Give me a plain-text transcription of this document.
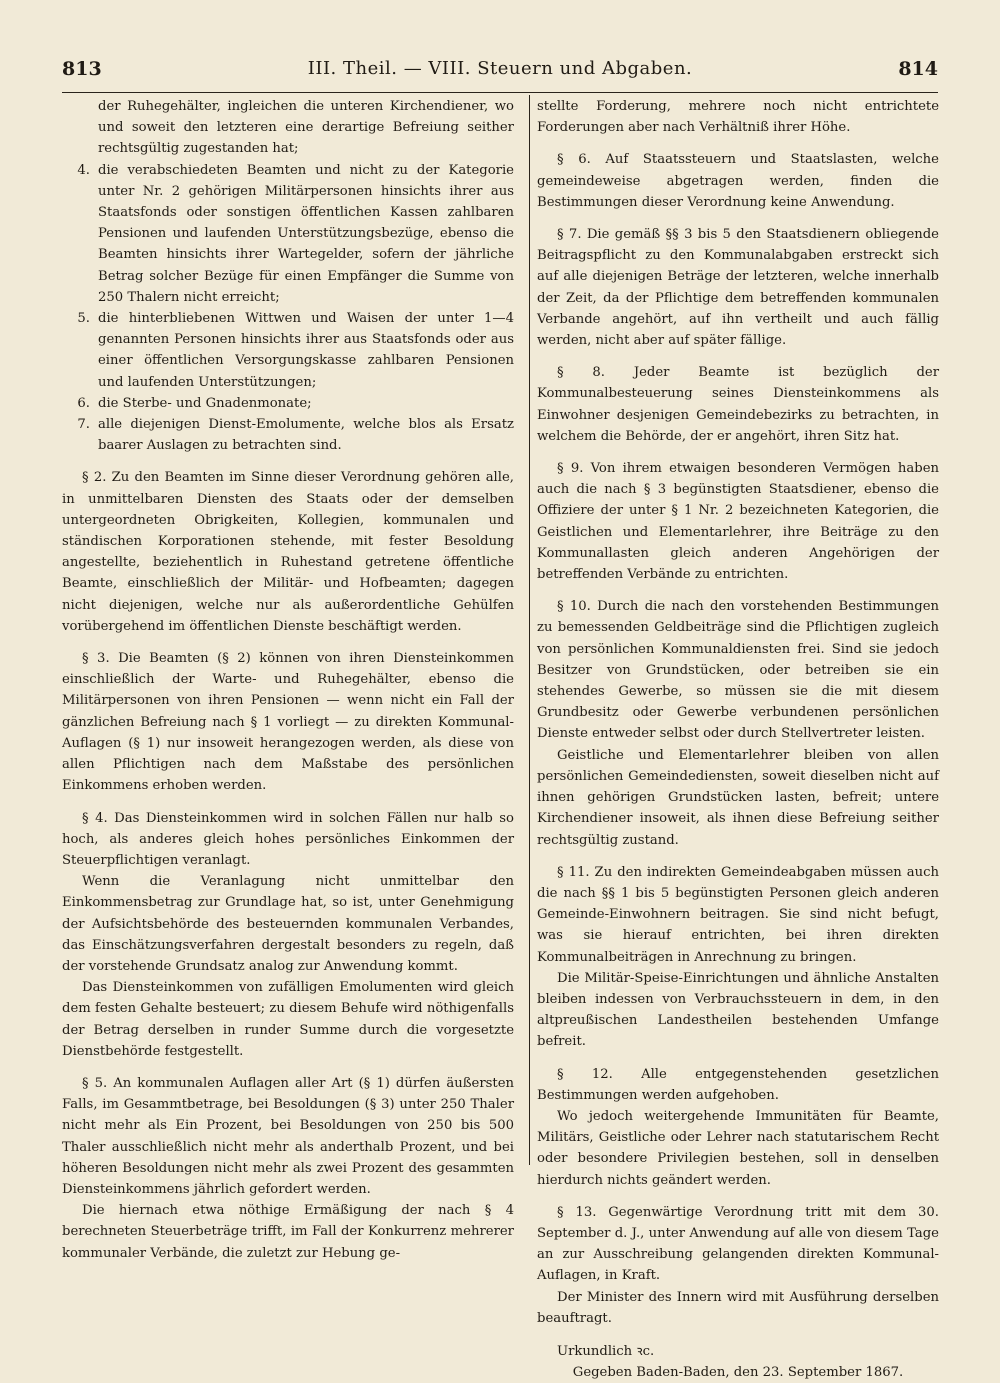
813	III. Theil. — VIII. Steuern und Abgaben.	814
der Ruhegehälter, ingleichen die unteren Kirchendiener, wo und soweit den letzteren eine derartige Befreiung seither rechtsgültig zugestanden hat;
4. die verabschiedeten Beamten und nicht zu der Kategorie unter Nr. 2 gehörigen Militärpersonen hinsichts ihrer aus Staatsfonds oder sonstigen öffentlichen Kassen zahlbaren Pensionen und laufenden Unterstützungsbezüge, ebenso die Beamten hinsichts ihrer Wartegelder, sofern der jährliche Betrag solcher Bezüge für einen Empfänger die Summe von 250 Thalern nicht erreicht;
5. die hinterbliebenen Wittwen und Waisen der unter 1—4 genannten Personen hinsichts ihrer aus Staatsfonds oder aus einer öffentlichen Versorgungskasse zahlbaren Pensionen und laufenden Unterstützungen;
6. die Sterbe- und Gnadenmonate;
7. alle diejenigen Dienst-Emolumente, welche blos als Ersatz baarer Auslagen zu betrachten sind.

§ 2. Zu den Beamten im Sinne dieser Verordnung gehören alle, in unmittelbaren Diensten des Staats oder der demselben untergeordneten Obrigkeiten, Kollegien, kommunalen und ständischen Korporationen stehende, mit fester Besoldung angestellte, beziehentlich in Ruhestand getretene öffentliche Beamte, einschließlich der Militär- und Hofbeamten; dagegen nicht diejenigen, welche nur als außerordentliche Gehülfen vorübergehend im öffentlichen Dienste beschäftigt werden.

§ 3. Die Beamten (§ 2) können von ihren Diensteinkommen einschließlich der Warte- und Ruhegehälter, ebenso die Militärpersonen von ihren Pensionen — wenn nicht ein Fall der gänzlichen Befreiung nach § 1 vorliegt — zu direkten Kommunal-Auflagen (§ 1) nur insoweit herangezogen werden, als diese von allen Pflichtigen nach dem Maßstabe des persönlichen Einkommens erhoben werden.

§ 4. Das Diensteinkommen wird in solchen Fällen nur halb so hoch, als anderes gleich hohes persönliches Einkommen der Steuerpflichtigen veranlagt.

Wenn die Veranlagung nicht unmittelbar den Einkommensbetrag zur Grundlage hat, so ist, unter Genehmigung der Aufsichtsbehörde des besteuernden kommunalen Verbandes, das Einschätzungsverfahren dergestalt besonders zu regeln, daß der vorstehende Grundsatz analog zur Anwendung kommt.

Das Diensteinkommen von zufälligen Emolumenten wird gleich dem festen Gehalte besteuert; zu diesem Behufe wird nöthigenfalls der Betrag derselben in runder Summe durch die vorgesetzte Dienstbehörde festgestellt.

§ 5. An kommunalen Auflagen aller Art (§ 1) dürfen äußersten Falls, im Gesammtbetrage, bei Besoldungen (§ 3) unter 250 Thaler nicht mehr als Ein Prozent, bei Besoldungen von 250 bis 500 Thaler ausschließlich nicht mehr als anderthalb Prozent, und bei höheren Besoldungen nicht mehr als zwei Prozent des gesammten Diensteinkommens jährlich gefordert werden.

Die hiernach etwa nöthige Ermäßigung der nach § 4 berechneten Steuerbeträge trifft, im Fall der Konkurrenz mehrerer kommunaler Verbände, die zuletzt zur Hebung ge-

stellte Forderung, mehrere noch nicht entrichtete Forderungen aber nach Verhältniß ihrer Höhe.

§ 6. Auf Staatssteuern und Staatslasten, welche gemeindeweise abgetragen werden, finden die Bestimmungen dieser Verordnung keine Anwendung.

§ 7. Die gemäß §§ 3 bis 5 den Staatsdienern obliegende Beitragspflicht zu den Kommunalabgaben erstreckt sich auf alle diejenigen Beträge der letzteren, welche innerhalb der Zeit, da der Pflichtige dem betreffenden kommunalen Verbande angehört, auf ihn vertheilt und auch fällig werden, nicht aber auf später fällige.

§ 8. Jeder Beamte ist bezüglich der Kommunalbesteuerung seines Diensteinkommens als Einwohner desjenigen Gemeindebezirks zu betrachten, in welchem die Behörde, der er angehört, ihren Sitz hat.

§ 9. Von ihrem etwaigen besonderen Vermögen haben auch die nach § 3 begünstigten Staatsdiener, ebenso die Offiziere der unter § 1 Nr. 2 bezeichneten Kategorien, die Geistlichen und Elementarlehrer, ihre Beiträge zu den Kommunallasten gleich anderen Angehörigen der betreffenden Verbände zu entrichten.

§ 10. Durch die nach den vorstehenden Bestimmungen zu bemessenden Geldbeiträge sind die Pflichtigen zugleich von persönlichen Kommunaldiensten frei. Sind sie jedoch Besitzer von Grundstücken, oder betreiben sie ein stehendes Gewerbe, so müssen sie die mit diesem Grundbesitz oder Gewerbe verbundenen persönlichen Dienste entweder selbst oder durch Stellvertreter leisten.

Geistliche und Elementarlehrer bleiben von allen persönlichen Gemeindediensten, soweit dieselben nicht auf ihnen gehörigen Grundstücken lasten, befreit; untere Kirchendiener insoweit, als ihnen diese Befreiung seither rechtsgültig zustand.

§ 11. Zu den indirekten Gemeindeabgaben müssen auch die nach §§ 1 bis 5 begünstigten Personen gleich anderen Gemeinde-Einwohnern beitragen. Sie sind nicht befugt, was sie hierauf entrichten, bei ihren direkten Kommunalbeiträgen in Anrechnung zu bringen.

Die Militär-Speise-Einrichtungen und ähnliche Anstalten bleiben indessen von Verbrauchssteuern in dem, in den altpreußischen Landestheilen bestehenden Umfange befreit.

§ 12. Alle entgegenstehenden gesetzlichen Bestimmungen werden aufgehoben.

Wo jedoch weitergehende Immunitäten für Beamte, Militärs, Geistliche oder Lehrer nach statutarischem Recht oder besondere Privilegien bestehen, soll in denselben hierdurch nichts geändert werden.

§ 13. Gegenwärtige Verordnung tritt mit dem 30. September d. J., unter Anwendung auf alle von diesem Tage an zur Ausschreibung gelangenden direkten Kommunal-Auflagen, in Kraft.

Der Minister des Innern wird mit Ausführung derselben beauftragt.

Urkundlich ꝛc.

Gegeben Baden-Baden, den 23. September 1867.
